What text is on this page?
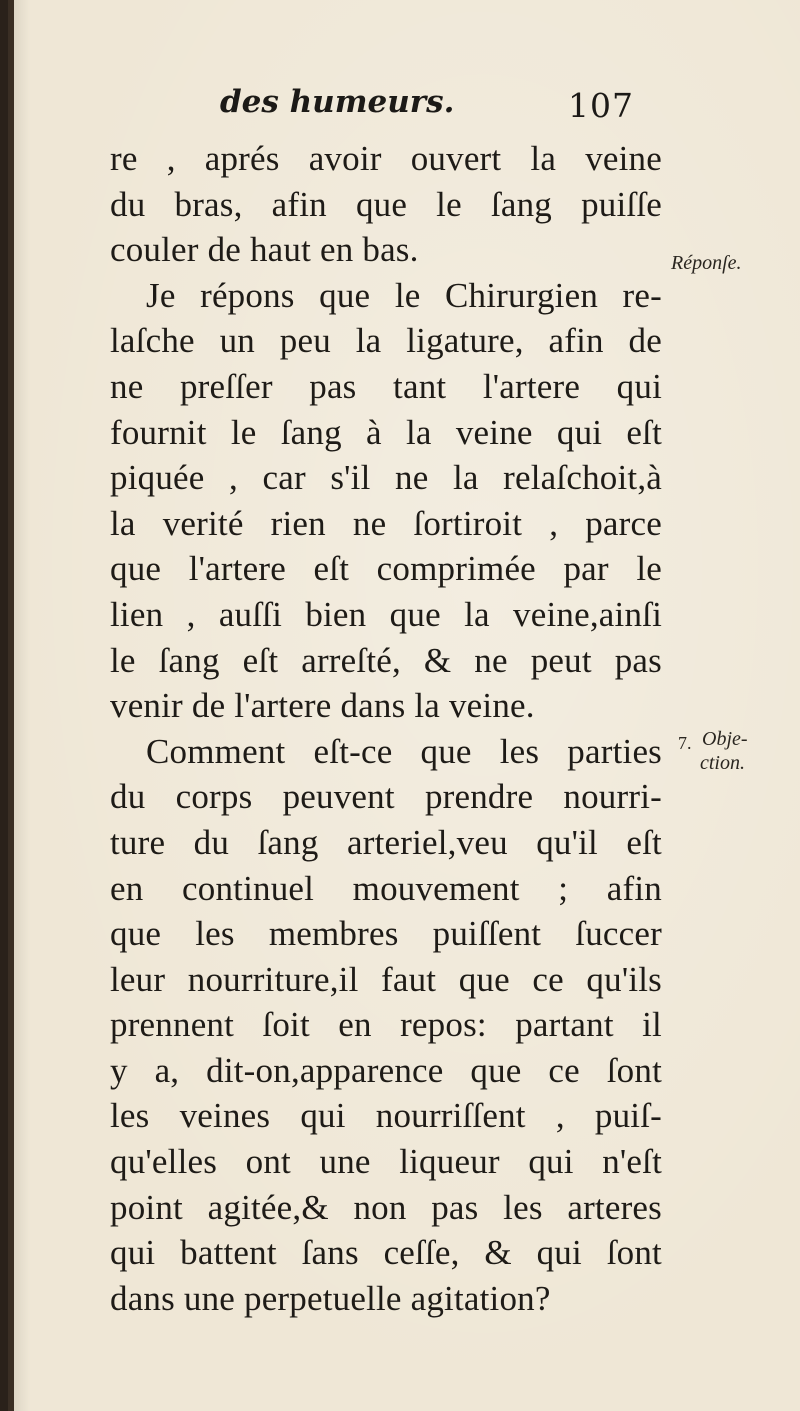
des humeurs.	107
re , aprés avoir ouvert la veine
du bras, afin que le ſang puiſſe
couler de haut en bas.
Je répons que le Chirurgien re-
laſche un peu la ligature, afin de
ne preſſer pas tant l'artere qui
fournit le ſang à la veine qui eſt
piquée , car s'il ne la relaſchoit,à
la verité rien ne ſortiroit , parce
que l'artere eſt comprimée par le
lien , auſſi bien que la veine,ainſi
le ſang eſt arreſté, & ne peut pas
venir de l'artere dans la veine.
Comment eſt-ce que les parties
du corps peuvent prendre nourri-
ture du ſang arteriel,veu qu'il eſt
en continuel mouvement ; afin
que les membres puiſſent ſuccer
leur nourriture,il faut que ce qu'ils
prennent ſoit en repos: partant il
y a, dit-on,apparence que ce ſont
les veines qui nourriſſent , puiſ-
qu'elles ont une liqueur qui n'eſt
point agitée,& non pas les arteres
qui battent ſans ceſſe, & qui ſont
dans une perpetuelle agitation?
Réponſe.
7. Obje-
ction.
